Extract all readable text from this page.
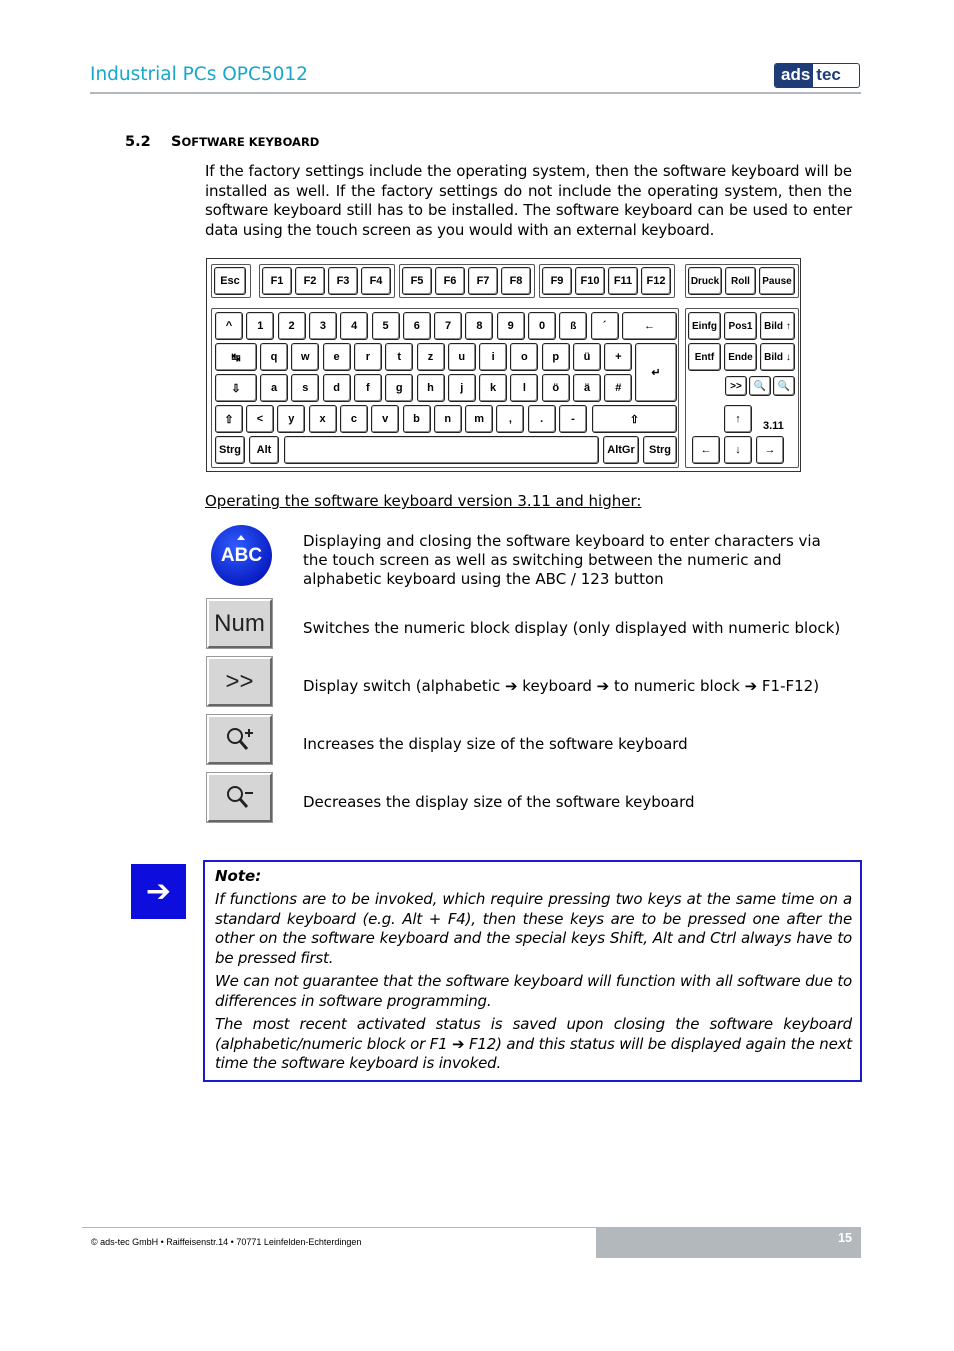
Industrial PCs OPC5012	ads tec
5.2 SOFTWARE KEYBOARD
If the factory settings include the operating system, then the software keyboard will be installed as well. If the factory settings do not include the operating system, then the software keyboard still has to be installed. The software keyboard can be used to enter data using the touch screen as you would with an external keyboard.
3.11
Esc	F1	F2	F3	F4	F5	F6	F7	F8	F9	F10	F11	F12	Druck	Roll	Pause
^	1	2	3	4	5	6	7	8	9	0	ß	´	←
↹	q	w	e	r	t	z	u	i	o	p	ü	+
↵
⇩	a	s	d	f	g	h	j	k	l	ö	ä	#
⇧	<	y	x	c	v	b	n	m	,	.	-	⇧
Strg	Alt	AltGr	Strg
Einfg	Pos1	Bild ↑
Entf	Ende	Bild ↓
>>	🔍	🔍
↑
←	↓	→
Operating the software keyboard version 3.11 and higher:
ABC
Displaying and closing the software keyboard to enter characters via the touch screen as well as switching between the numeric and alphabetic keyboard using the ABC / 123 button
Num	Switches the numeric block display (only displayed with numeric block)
>>	Display switch (alphabetic ➔ keyboard ➔ to numeric block ➔ F1-F12)
Increases the display size of the software keyboard
Decreases the display size of the software keyboard
➔	Note:

If functions are to be invoked, which require pressing two keys at the same time on a standard keyboard (e.g. Alt + F4), then these keys are to be pressed one after the other on the software keyboard and the special keys Shift, Alt and Ctrl always have to be pressed first.

We can not guarantee that the software keyboard will function with all software due to differences in software programming.

The most recent activated status is saved upon closing the software keyboard (alphabetic/numeric block or F1 ➔ F12) and this status will be displayed again the next time the software keyboard is invoked.

© ads-tec GmbH • Raiffeisenstr.14 • 70771 Leinfelden-Echterdingen	15
